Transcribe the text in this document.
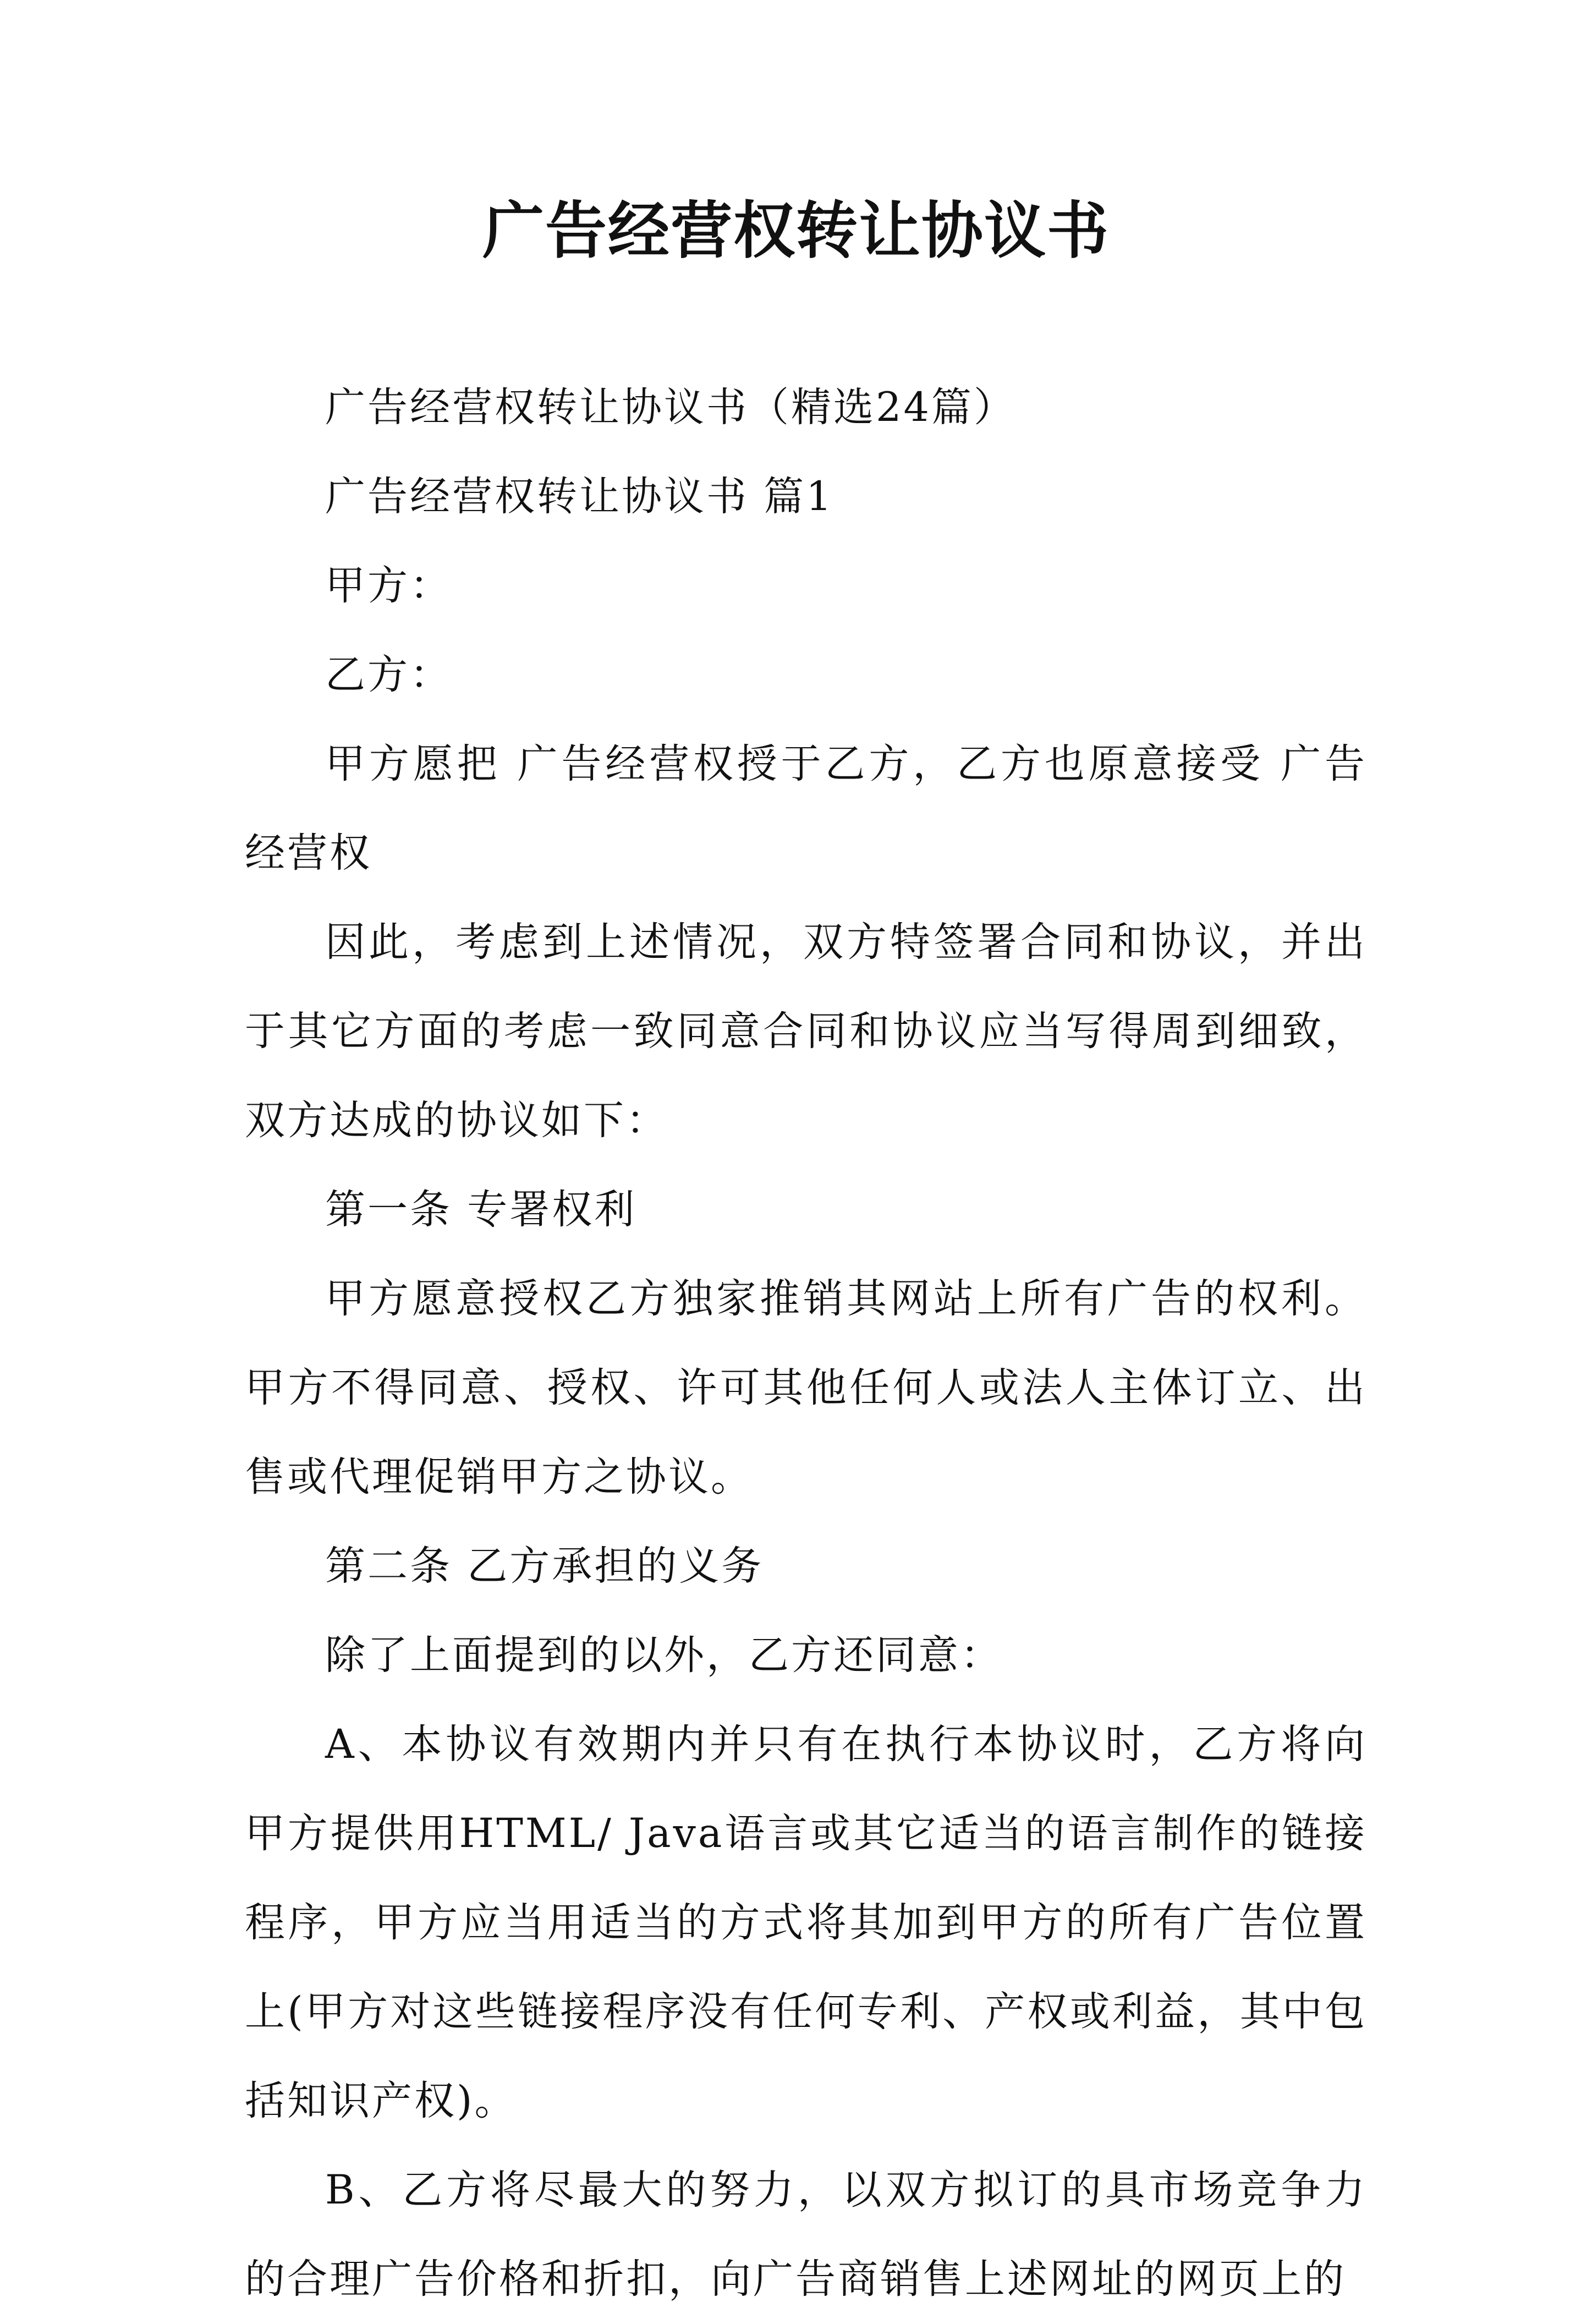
广告经营权转让协议书

广告经营权转让协议书（精选24篇）

广告经营权转让协议书 篇1

甲方：

乙方：

甲方愿把 广告经营权授于乙方，乙方也原意接受 广告经营权

因此，考虑到上述情况，双方特签署合同和协议，并出于其它方面的考虑一致同意合同和协议应当写得周到细致，双方达成的协议如下：

第一条 专署权利

甲方愿意授权乙方独家推销其网站上所有广告的权利。甲方不得同意、授权、许可其他任何人或法人主体订立、出售或代理促销甲方之协议。

第二条 乙方承担的义务

除了上面提到的以外，乙方还同意：

A、本协议有效期内并只有在执行本协议时，乙方将向甲方提供用HTML/ Java语言或其它适当的语言制作的链接程序，甲方应当用适当的方式将其加到甲方的所有广告位置上(甲方对这些链接程序没有任何专利、产权或利益，其中包括知识产权)。

B、乙方将尽最大的努力，以双方拟订的具市场竞争力的合理广告价格和折扣，向广告商销售上述网址的网页上的
